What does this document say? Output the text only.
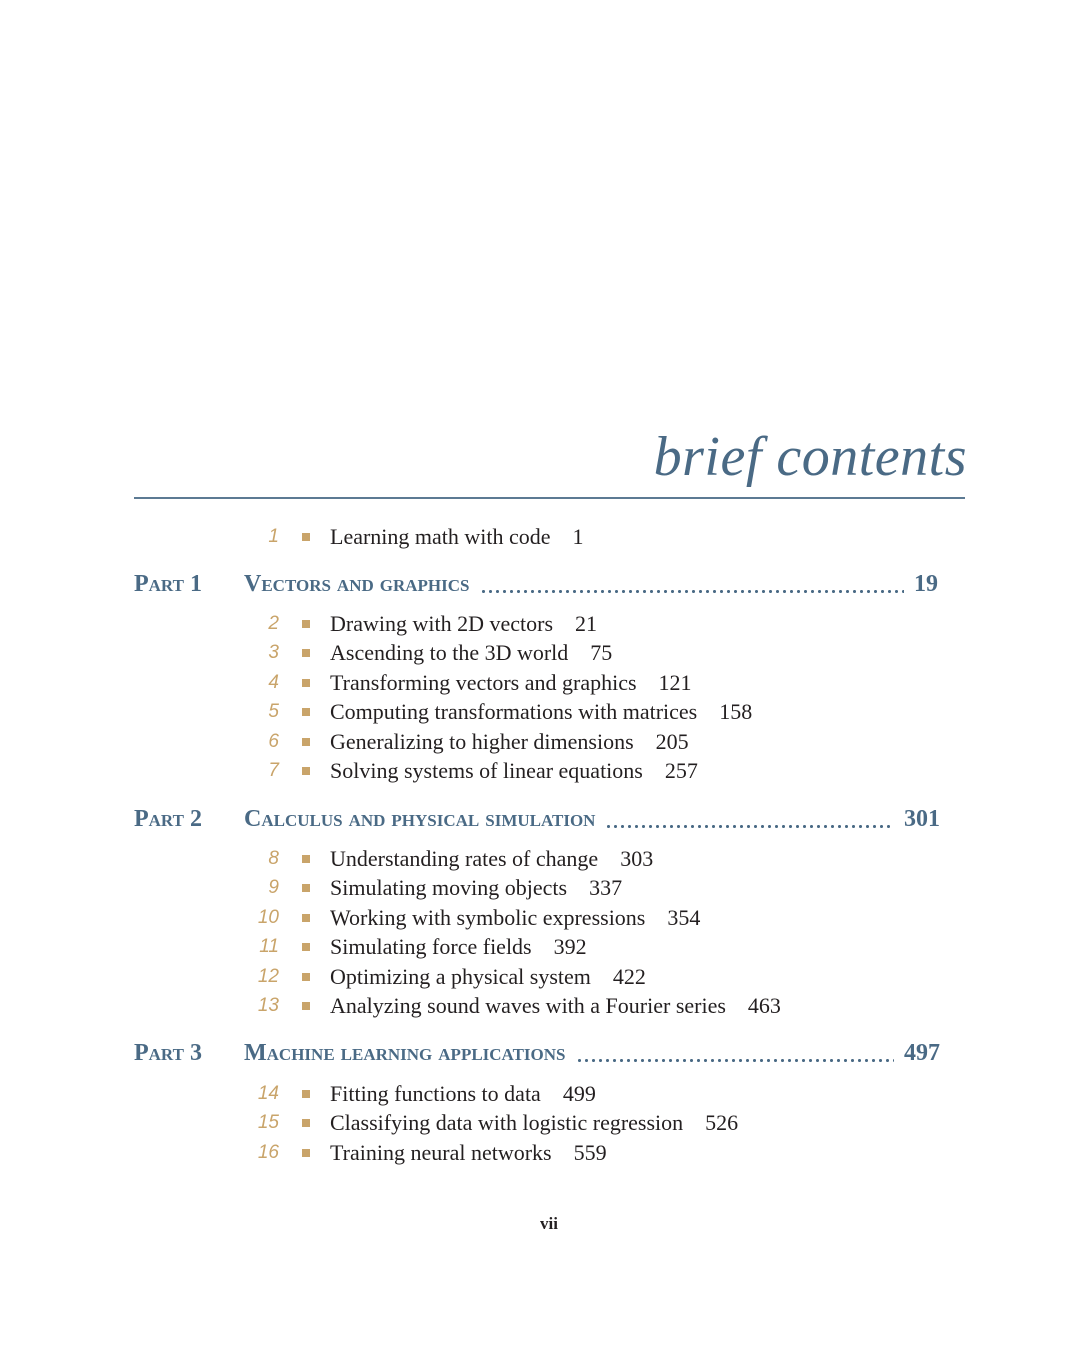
brief contents
1 Learning math with code 1
Part 1	Vectors and graphics	19
2 Drawing with 2D vectors 21
3 Ascending to the 3D world 75
4 Transforming vectors and graphics 121
5 Computing transformations with matrices 158
6 Generalizing to higher dimensions 205
7 Solving systems of linear equations 257
Part 2	Calculus and physical simulation	301
8 Understanding rates of change 303
9 Simulating moving objects 337
10 Working with symbolic expressions 354
11 Simulating force fields 392
12 Optimizing a physical system 422
13 Analyzing sound waves with a Fourier series 463
Part 3	Machine learning applications	497
14 Fitting functions to data 499
15 Classifying data with logistic regression 526
16 Training neural networks 559
vii
